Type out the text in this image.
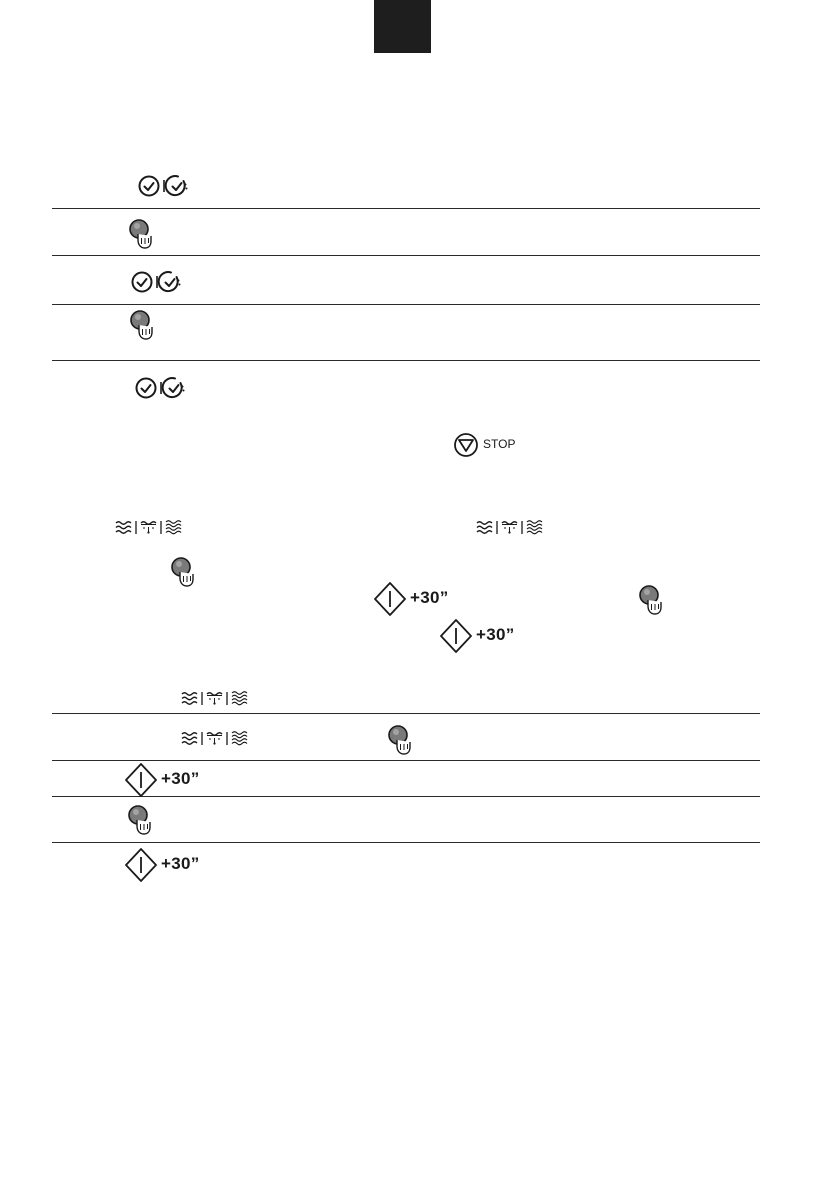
STOP
+30”
+30”
+30”
+30”
